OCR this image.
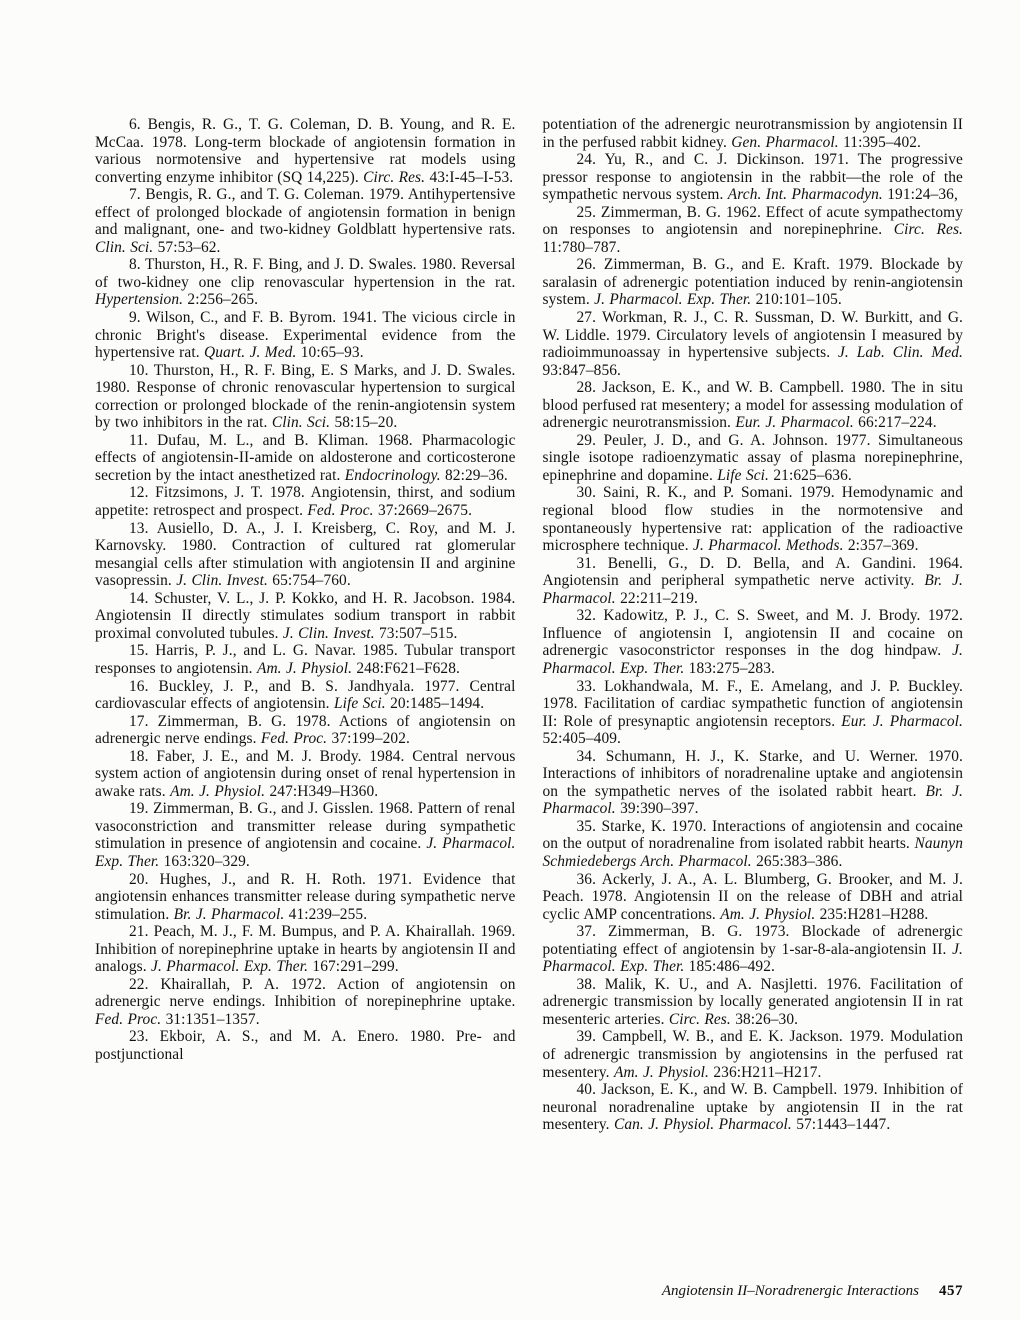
6. Bengis, R. G., T. G. Coleman, D. B. Young, and R. E. McCaa. 1978. Long-term blockade of angiotensin formation in various normotensive and hypertensive rat models using converting enzyme inhibitor (SQ 14,225). Circ. Res. 43:I-45–I-53.

7. Bengis, R. G., and T. G. Coleman. 1979. Antihypertensive effect of prolonged blockade of angiotensin formation in benign and malignant, one- and two-kidney Goldblatt hypertensive rats. Clin. Sci. 57:53–62.

8. Thurston, H., R. F. Bing, and J. D. Swales. 1980. Reversal of two-kidney one clip renovascular hypertension in the rat. Hypertension. 2:256–265.

9. Wilson, C., and F. B. Byrom. 1941. The vicious circle in chronic Bright's disease. Experimental evidence from the hypertensive rat. Quart. J. Med. 10:65–93.

10. Thurston, H., R. F. Bing, E. S Marks, and J. D. Swales. 1980. Response of chronic renovascular hypertension to surgical correction or prolonged blockade of the renin-angiotensin system by two inhibitors in the rat. Clin. Sci. 58:15–20.

11. Dufau, M. L., and B. Kliman. 1968. Pharmacologic effects of angiotensin-II-amide on aldosterone and corticosterone secretion by the intact anesthetized rat. Endocrinology. 82:29–36.

12. Fitzsimons, J. T. 1978. Angiotensin, thirst, and sodium appetite: retrospect and prospect. Fed. Proc. 37:2669–2675.

13. Ausiello, D. A., J. I. Kreisberg, C. Roy, and M. J. Karnovsky. 1980. Contraction of cultured rat glomerular mesangial cells after stimulation with angiotensin II and arginine vasopressin. J. Clin. Invest. 65:754–760.

14. Schuster, V. L., J. P. Kokko, and H. R. Jacobson. 1984. Angiotensin II directly stimulates sodium transport in rabbit proximal convoluted tubules. J. Clin. Invest. 73:507–515.

15. Harris, P. J., and L. G. Navar. 1985. Tubular transport responses to angiotensin. Am. J. Physiol. 248:F621–F628.

16. Buckley, J. P., and B. S. Jandhyala. 1977. Central cardiovascular effects of angiotensin. Life Sci. 20:1485–1494.

17. Zimmerman, B. G. 1978. Actions of angiotensin on adrenergic nerve endings. Fed. Proc. 37:199–202.

18. Faber, J. E., and M. J. Brody. 1984. Central nervous system action of angiotensin during onset of renal hypertension in awake rats. Am. J. Physiol. 247:H349–H360.

19. Zimmerman, B. G., and J. Gisslen. 1968. Pattern of renal vasoconstriction and transmitter release during sympathetic stimulation in presence of angiotensin and cocaine. J. Pharmacol. Exp. Ther. 163:320–329.

20. Hughes, J., and R. H. Roth. 1971. Evidence that angiotensin enhances transmitter release during sympathetic nerve stimulation. Br. J. Pharmacol. 41:239–255.

21. Peach, M. J., F. M. Bumpus, and P. A. Khairallah. 1969. Inhibition of norepinephrine uptake in hearts by angiotensin II and analogs. J. Pharmacol. Exp. Ther. 167:291–299.

22. Khairallah, P. A. 1972. Action of angiotensin on adrenergic nerve endings. Inhibition of norepinephrine uptake. Fed. Proc. 31:1351–1357.

23. Ekboir, A. S., and M. A. Enero. 1980. Pre- and postjunctional

potentiation of the adrenergic neurotransmission by angiotensin II in the perfused rabbit kidney. Gen. Pharmacol. 11:395–402.

24. Yu, R., and C. J. Dickinson. 1971. The progressive pressor response to angiotensin in the rabbit—the role of the sympathetic nervous system. Arch. Int. Pharmacodyn. 191:24–36,

25. Zimmerman, B. G. 1962. Effect of acute sympathectomy on responses to angiotensin and norepinephrine. Circ. Res. 11:780–787.

26. Zimmerman, B. G., and E. Kraft. 1979. Blockade by saralasin of adrenergic potentiation induced by renin-angiotensin system. J. Pharmacol. Exp. Ther. 210:101–105.

27. Workman, R. J., C. R. Sussman, D. W. Burkitt, and G. W. Liddle. 1979. Circulatory levels of angiotensin I measured by radioimmunoassay in hypertensive subjects. J. Lab. Clin. Med. 93:847–856.

28. Jackson, E. K., and W. B. Campbell. 1980. The in situ blood perfused rat mesentery; a model for assessing modulation of adrenergic neurotransmission. Eur. J. Pharmacol. 66:217–224.

29. Peuler, J. D., and G. A. Johnson. 1977. Simultaneous single isotope radioenzymatic assay of plasma norepinephrine, epinephrine and dopamine. Life Sci. 21:625–636.

30. Saini, R. K., and P. Somani. 1979. Hemodynamic and regional blood flow studies in the normotensive and spontaneously hypertensive rat: application of the radioactive microsphere technique. J. Pharmacol. Methods. 2:357–369.

31. Benelli, G., D. D. Bella, and A. Gandini. 1964. Angiotensin and peripheral sympathetic nerve activity. Br. J. Pharmacol. 22:211–219.

32. Kadowitz, P. J., C. S. Sweet, and M. J. Brody. 1972. Influence of angiotensin I, angiotensin II and cocaine on adrenergic vasoconstrictor responses in the dog hindpaw. J. Pharmacol. Exp. Ther. 183:275–283.

33. Lokhandwala, M. F., E. Amelang, and J. P. Buckley. 1978. Facilitation of cardiac sympathetic function of angiotensin II: Role of presynaptic angiotensin receptors. Eur. J. Pharmacol. 52:405–409.

34. Schumann, H. J., K. Starke, and U. Werner. 1970. Interactions of inhibitors of noradrenaline uptake and angiotensin on the sympathetic nerves of the isolated rabbit heart. Br. J. Pharmacol. 39:390–397.

35. Starke, K. 1970. Interactions of angiotensin and cocaine on the output of noradrenaline from isolated rabbit hearts. Naunyn Schmiedebergs Arch. Pharmacol. 265:383–386.

36. Ackerly, J. A., A. L. Blumberg, G. Brooker, and M. J. Peach. 1978. Angiotensin II on the release of DBH and atrial cyclic AMP concentrations. Am. J. Physiol. 235:H281–H288.

37. Zimmerman, B. G. 1973. Blockade of adrenergic potentiating effect of angiotensin by 1-sar-8-ala-angiotensin II. J. Pharmacol. Exp. Ther. 185:486–492.

38. Malik, K. U., and A. Nasjletti. 1976. Facilitation of adrenergic transmission by locally generated angiotensin II in rat mesenteric arteries. Circ. Res. 38:26–30.

39. Campbell, W. B., and E. K. Jackson. 1979. Modulation of adrenergic transmission by angiotensins in the perfused rat mesentery. Am. J. Physiol. 236:H211–H217.

40. Jackson, E. K., and W. B. Campbell. 1979. Inhibition of neuronal noradrenaline uptake by angiotensin II in the rat mesentery. Can. J. Physiol. Pharmacol. 57:1443–1447.

Angiotensin II–Noradrenergic Interactions 457
